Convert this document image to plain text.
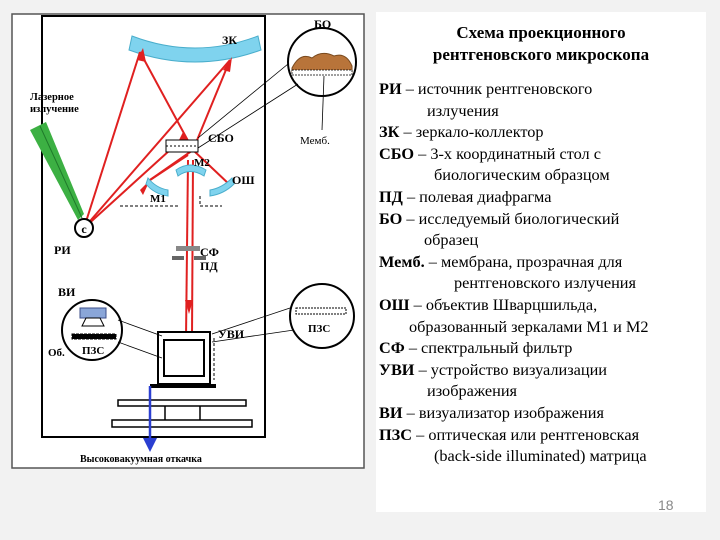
c
ЗК
БО
Мемб.
Лазерное
излучение
СБО
М2
ОШ
М1
РИ	СФ
ПД
ВИ
Об. ПЗС
УВИ	ПЗС
Высоковакуумная откачка
Схема проекционного
рентгеновского микроскопа
РИ – источник рентгеновского
излучения
ЗК – зеркало-коллектор
СБО – 3-х координатный стол с
биологическим образцом
ПД – полевая диафрагма
БО – исследуемый биологический
образец
Мемб. – мембрана, прозрачная для
рентгеновского излучения
ОШ – объектив Шварцшильда,
образованный зеркалами М1 и М2
СФ – спектральный фильтр
УВИ – устройство визуализации
изображения
ВИ – визуализатор изображения
ПЗС – оптическая или рентгеновская
(back-side illuminated) матрица
18
